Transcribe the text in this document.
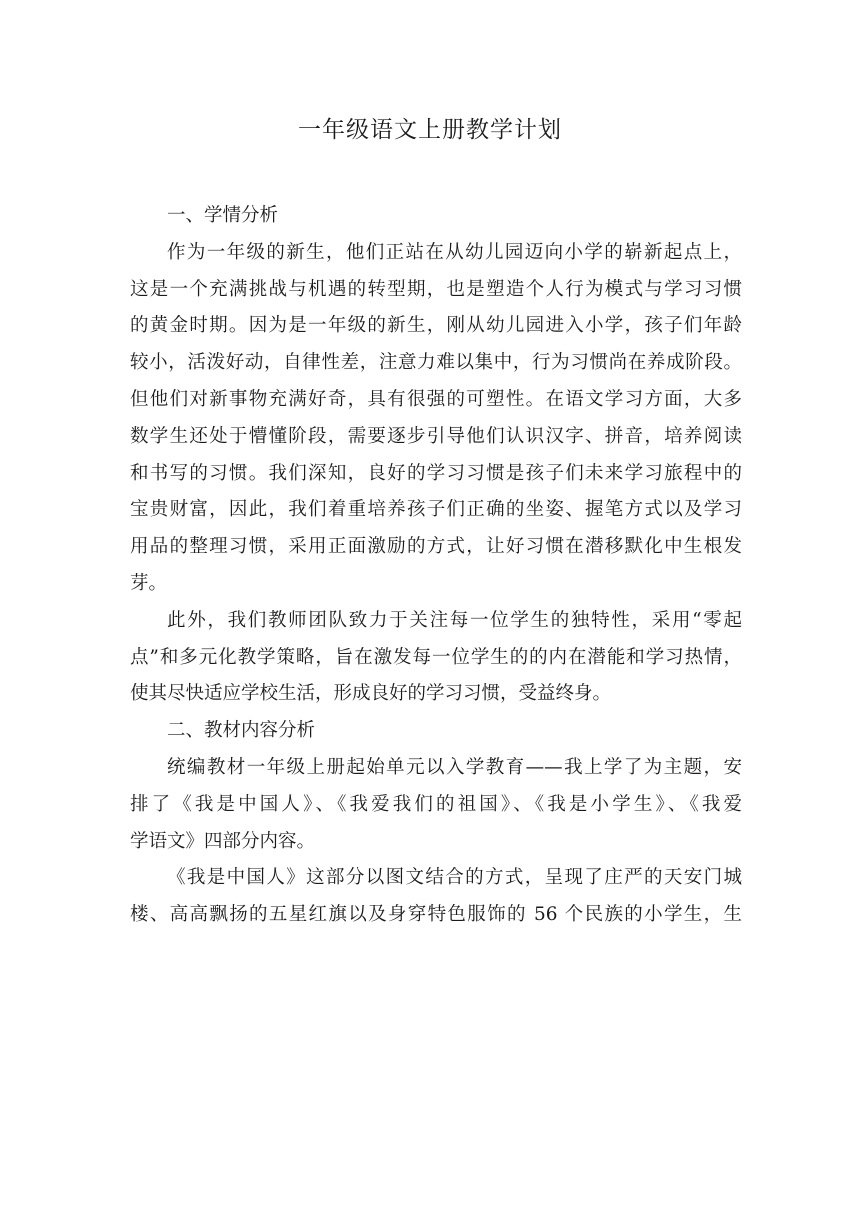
一年级语文上册教学计划
一、学情分析
作为一年级的新生，他们正站在从幼儿园迈向小学的崭新起点上，
这是一个充满挑战与机遇的转型期，也是塑造个人行为模式与学习习惯
的黄金时期。因为是一年级的新生，刚从幼儿园进入小学，孩子们年龄
较小，活泼好动，自律性差，注意力难以集中，行为习惯尚在养成阶段。
但他们对新事物充满好奇，具有很强的可塑性。在语文学习方面，大多
数学生还处于懵懂阶段，需要逐步引导他们认识汉字、拼音，培养阅读
和书写的习惯。我们深知，良好的学习习惯是孩子们未来学习旅程中的
宝贵财富，因此，我们着重培养孩子们正确的坐姿、握笔方式以及学习
用品的整理习惯，采用正面激励的方式，让好习惯在潜移默化中生根发
芽。
此外，我们教师团队致力于关注每一位学生的独特性，采用“零起
点”和多元化教学策略，旨在激发每一位学生的的内在潜能和学习热情，
使其尽快适应学校生活，形成良好的学习习惯，受益终身。
二、教材内容分析
统编教材一年级上册起始单元以入学教育——我上学了为主题，安
排了《我是中国人》、《我爱我们的祖国》、《我是小学生》、《我爱
学语文》四部分内容。
《我是中国人》这部分以图文结合的方式，呈现了庄严的天安门城
楼、高高飘扬的五星红旗以及身穿特色服饰的 56 个民族的小学生，生
